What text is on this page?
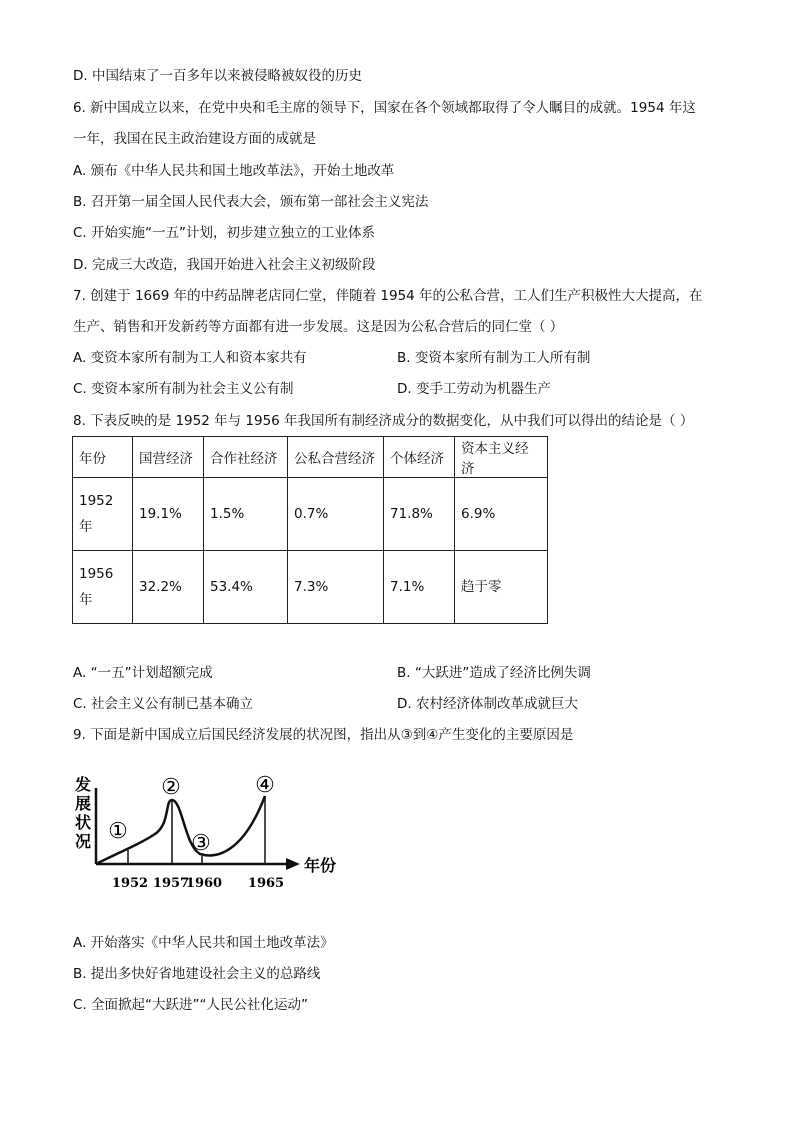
D. 中国结束了一百多年以来被侵略被奴役的历史
6. 新中国成立以来，在党中央和毛主席的领导下，国家在各个领域都取得了令人瞩目的成就。1954 年这
一年，我国在民主政治建设方面的成就是
A. 颁布《中华人民共和国土地改革法》，开始土地改革
B. 召开第一届全国人民代表大会，颁布第一部社会主义宪法
C. 开始实施“一五”计划，初步建立独立的工业体系
D. 完成三大改造，我国开始进入社会主义初级阶段
7. 创建于 1669 年的中药品牌老店同仁堂，伴随着 1954 年的公私合营，工人们生产积极性大大提高，在
生产、销售和开发新药等方面都有进一步发展。这是因为公私合营后的同仁堂（ ）
A. 变资本家所有制为工人和资本家共有	B. 变资本家所有制为工人所有制
C. 变资本家所有制为社会主义公有制	D. 变手工劳动为机器生产
8. 下表反映的是 1952 年与 1956 年我国所有制经济成分的数据变化，从中我们可以得出的结论是（ ）
年份	国营经济	合作社经济	公私合营经济	个体经济	资本主义经济
1952年	19.1%	1.5%	0.7%	71.8%	6.9%
1956年	32.2%	53.4%	7.3%	7.1%	趋于零
A. “一五”计划超额完成	B. “大跃进”造成了经济比例失调
C. 社会主义公有制已基本确立	D. 农村经济体制改革成就巨大
9. 下面是新中国成立后国民经济发展的状况图，指出从③到④产生变化的主要原因是
发
展
状
况
年份
①
②
③
④
1952 1957
1960 1965
A. 开始落实《中华人民共和国土地改革法》
B. 提出多快好省地建设社会主义的总路线
C. 全面掀起“大跃进”“人民公社化运动”
